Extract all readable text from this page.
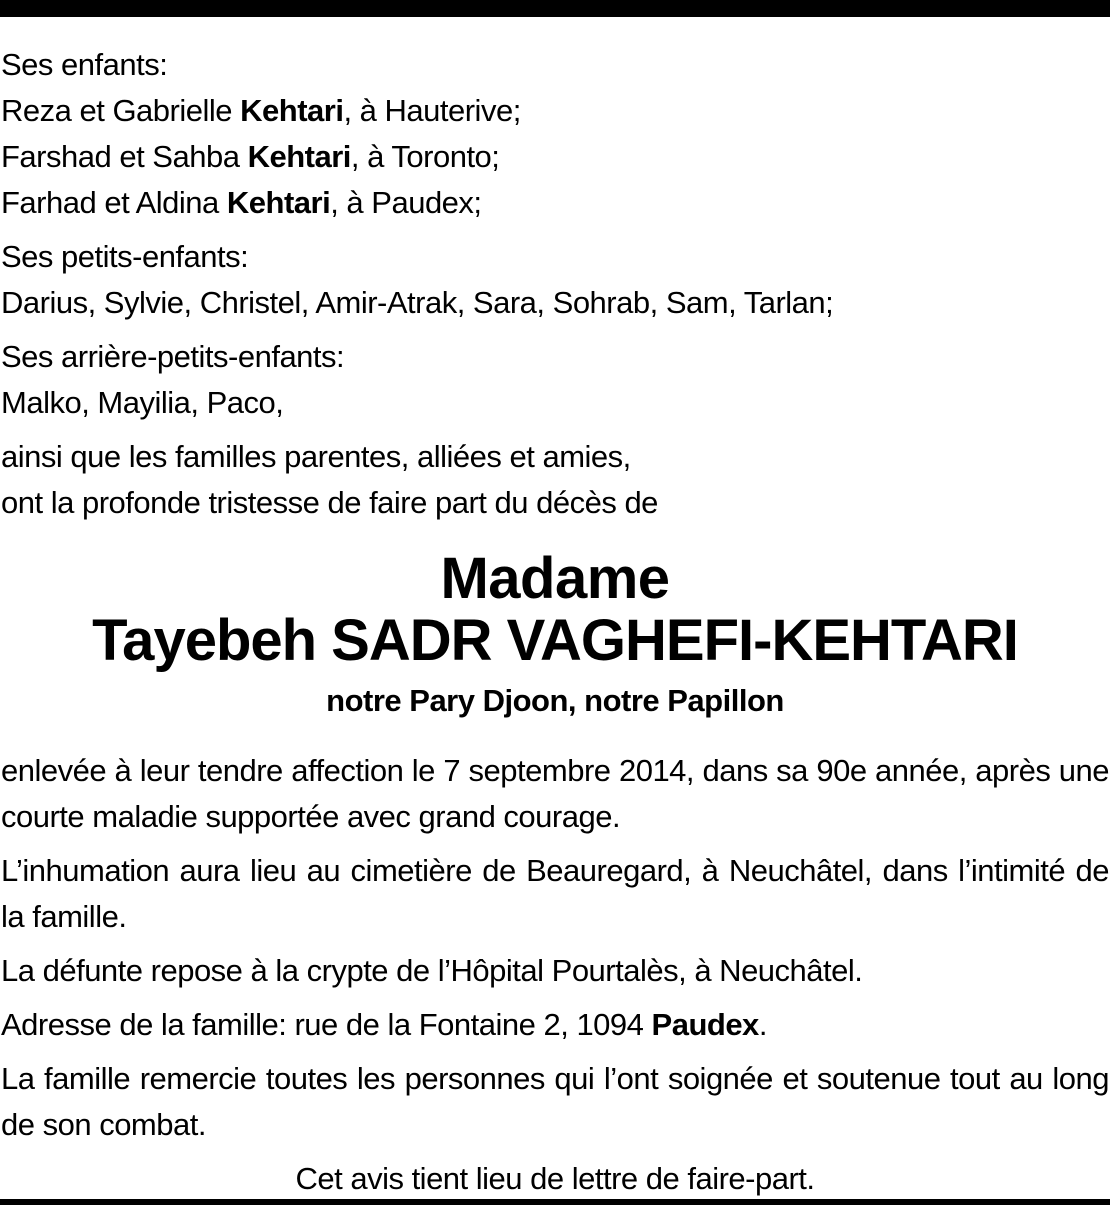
Ses enfants:
Reza et Gabrielle Kehtari, à Hauterive;
Farshad et Sahba Kehtari, à Toronto;
Farhad et Aldina Kehtari, à Paudex;
Ses petits-enfants:
Darius, Sylvie, Christel, Amir-Atrak, Sara, Sohrab, Sam, Tarlan;
Ses arrière-petits-enfants:
Malko, Mayilia, Paco,
ainsi que les familles parentes, alliées et amies,
ont la profonde tristesse de faire part du décès de
Madame
Tayebeh SADR VAGHEFI-KEHTARI
notre Pary Djoon, notre Papillon
enlevée à leur tendre affection le 7 septembre 2014, dans sa 90e année, après une courte maladie supportée avec grand courage.
L’inhumation aura lieu au cimetière de Beauregard, à Neuchâtel, dans l’intimité de la famille.
La défunte repose à la crypte de l’Hôpital Pourtalès, à Neuchâtel.
Adresse de la famille: rue de la Fontaine 2, 1094 Paudex.
La famille remercie toutes les personnes qui l’ont soignée et soutenue tout au long de son combat.
Cet avis tient lieu de lettre de faire-part.
